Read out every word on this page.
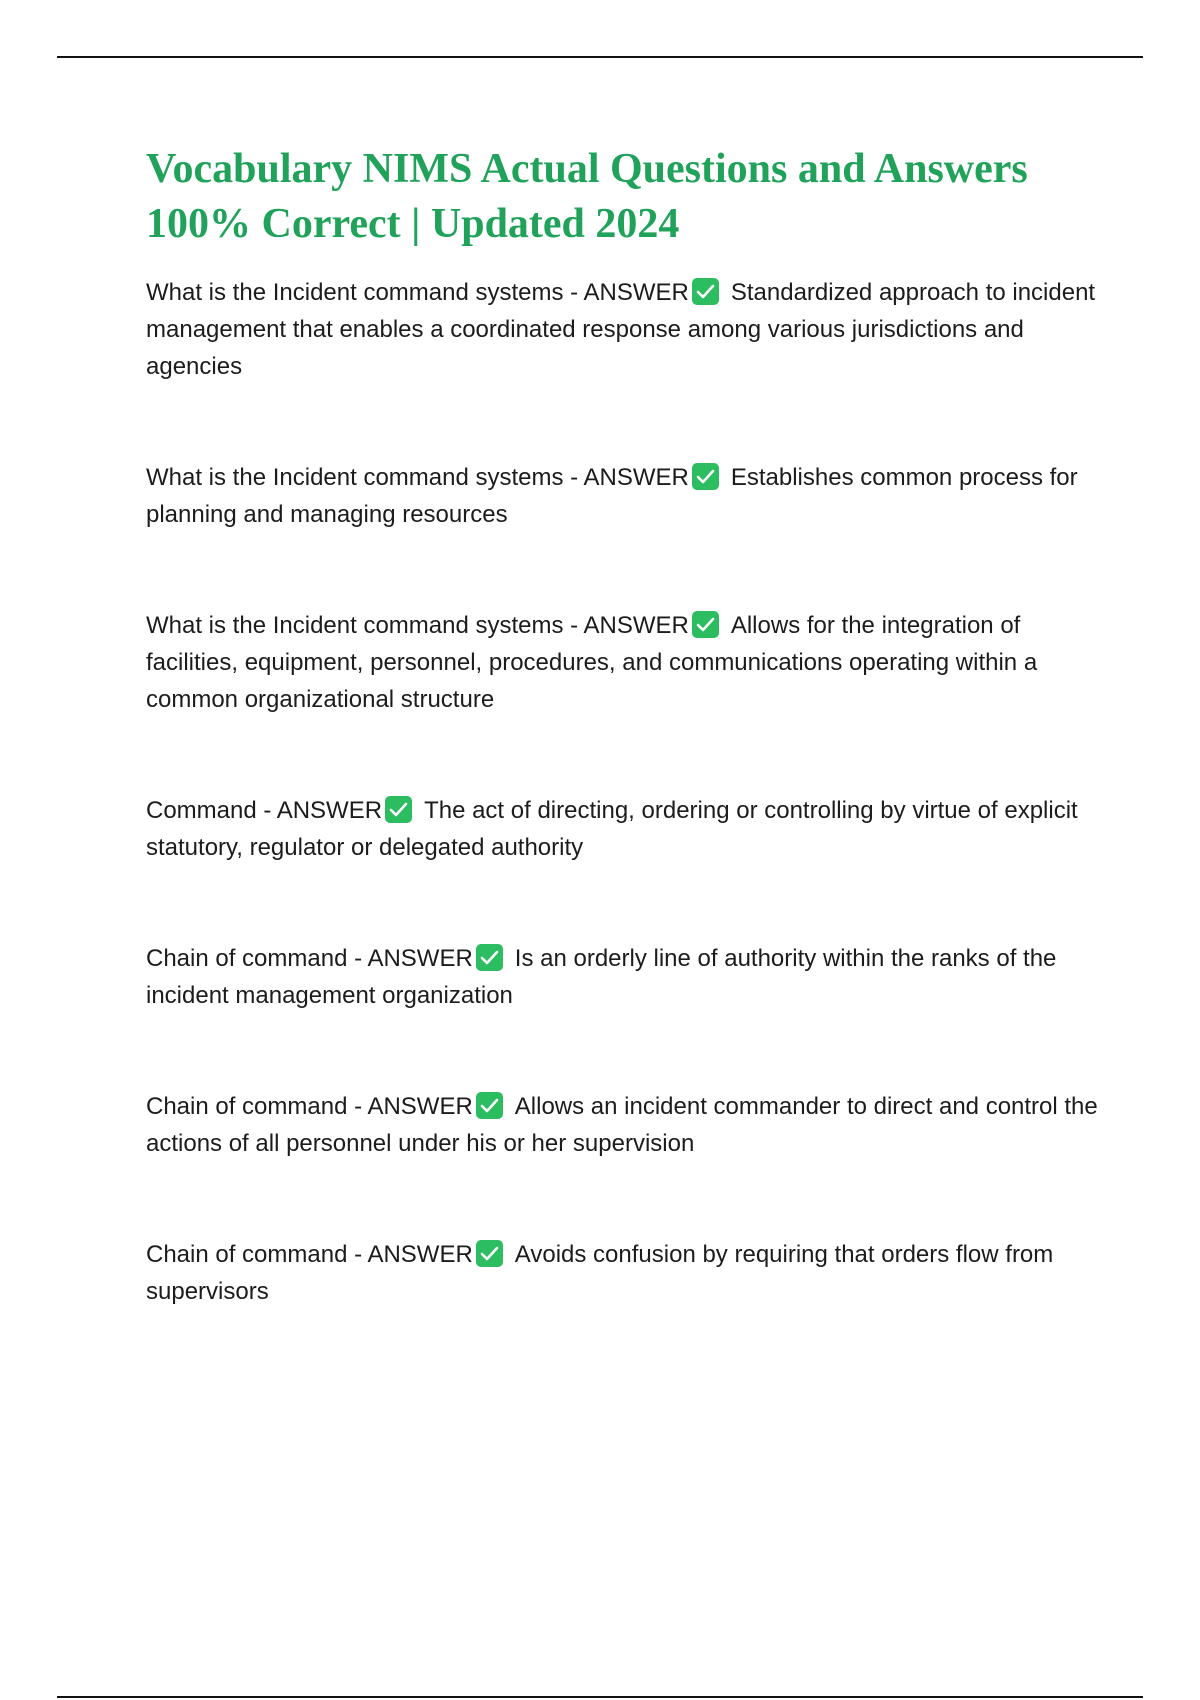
Vocabulary NIMS Actual Questions and Answers 100% Correct | Updated 2024
What is the Incident command systems - ANSWER Standardized approach to incident management that enables a coordinated response among various jurisdictions and agencies
What is the Incident command systems - ANSWER Establishes common process for planning and managing resources
What is the Incident command systems - ANSWER Allows for the integration of facilities, equipment, personnel, procedures, and communications operating within a common organizational structure
Command - ANSWER The act of directing, ordering or controlling by virtue of explicit statutory, regulator or delegated authority
Chain of command - ANSWER Is an orderly line of authority within the ranks of the incident management organization
Chain of command - ANSWER Allows an incident commander to direct and control the actions of all personnel under his or her supervision
Chain of command - ANSWER Avoids confusion by requiring that orders flow from supervisors
